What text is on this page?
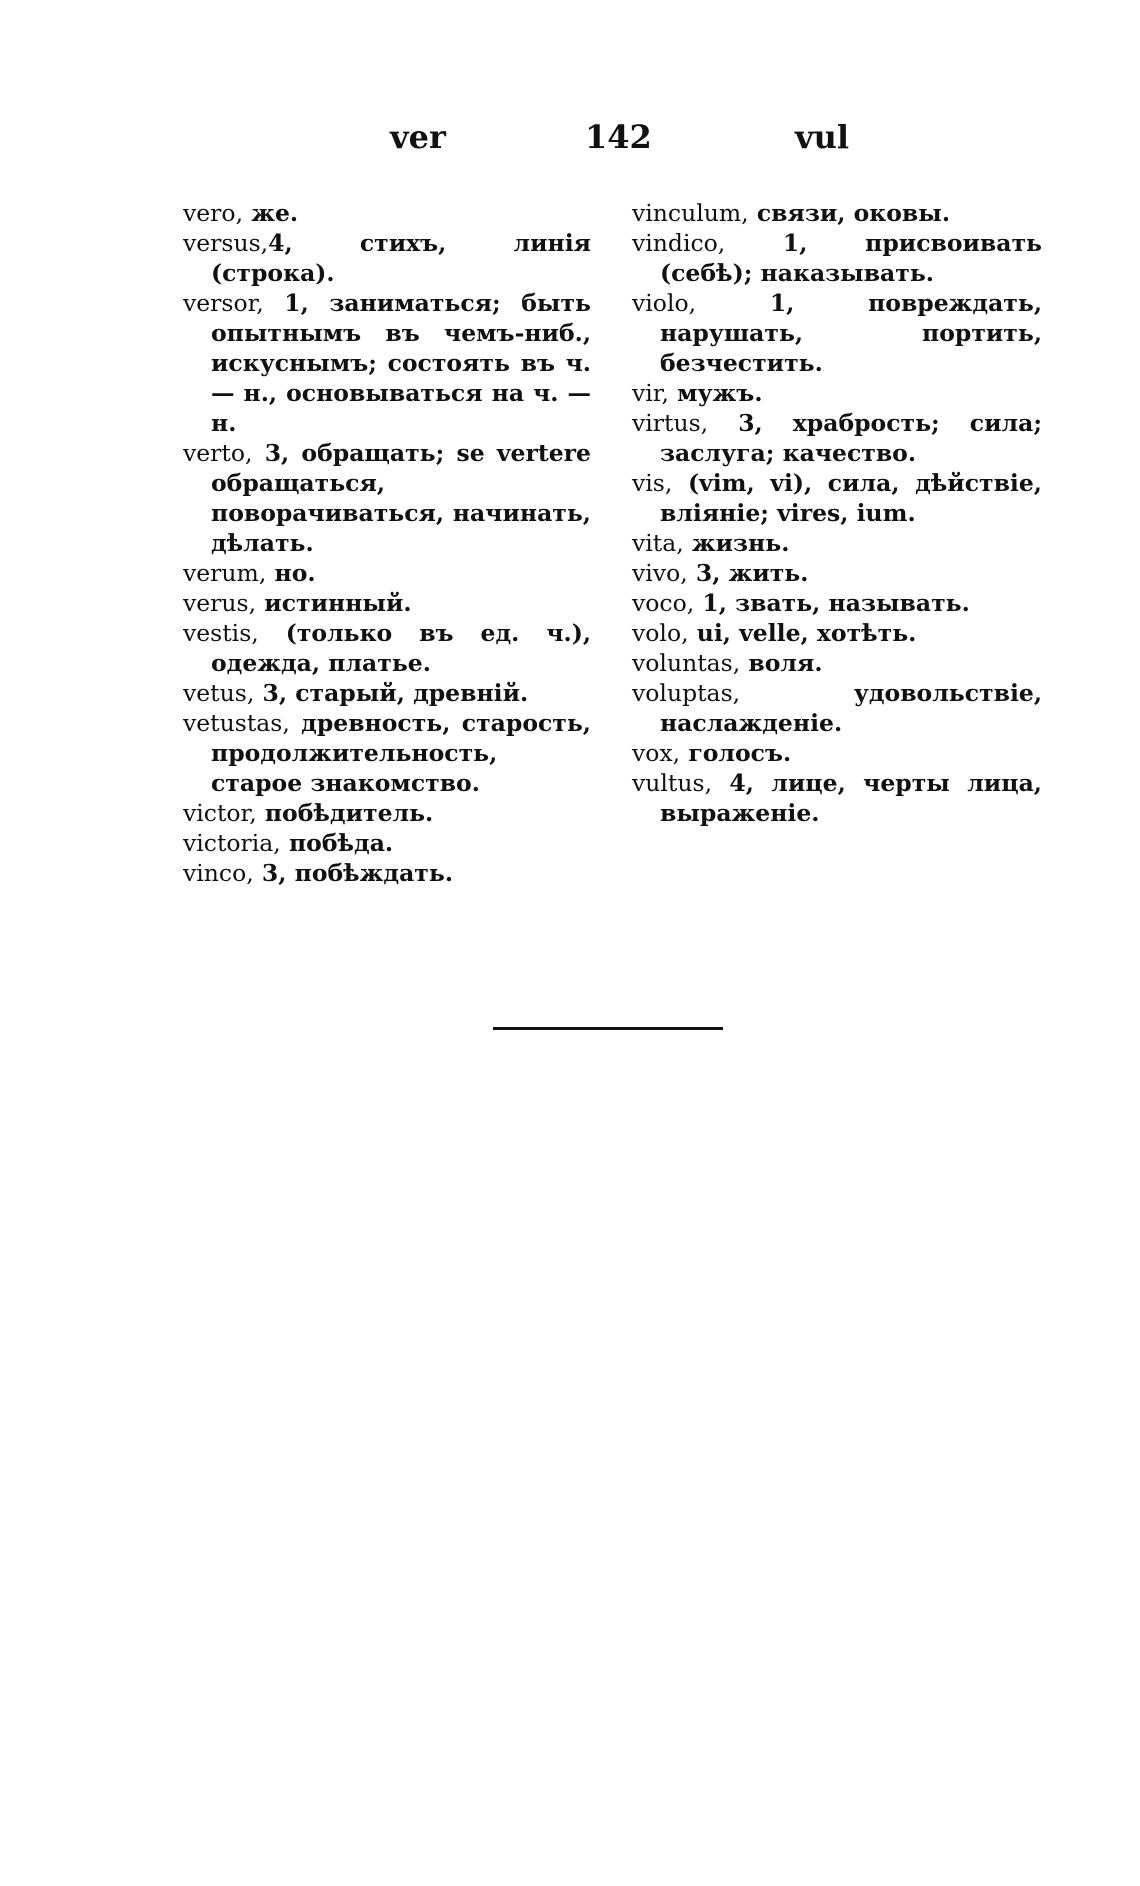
ver	142	vul

vero, же.

versus,4, стихъ, линія (строка).

versor, 1, заниматься; быть опытнымъ въ чемъ-ниб., искуснымъ; состоять въ ч. — н., основываться на ч. — н.

verto, 3, обращать; se vertere обращаться, поворачиваться, начинать, дѣлать.

verum, но.

verus, истинный.

vestis, (только въ ед. ч.), одежда, платье.

vetus, 3, старый, древній.

vetustas, древность, старость, продолжительность, старое знакомство.

victor, побѣдитель.

victoria, побѣда.

vinco, 3, побѣждать.

vinculum, связи, оковы.

vindico, 1, присвоивать (себѣ); наказывать.

violo, 1, повреждать, нарушать, портить, безчестить.

vir, мужъ.

virtus, 3, храбрость; сила; заслуга; качество.

vis, (vim, vi), сила, дѣйствіе, вліяніе; vires, ium.

vita, жизнь.

vivo, 3, жить.

voco, 1, звать, называть.

volo, ui, velle, хотѣть.

voluntas, воля.

voluptas, удовольствіе, наслажденіе.

vox, голосъ.

vultus, 4, лице, черты лица, выраженіе.
